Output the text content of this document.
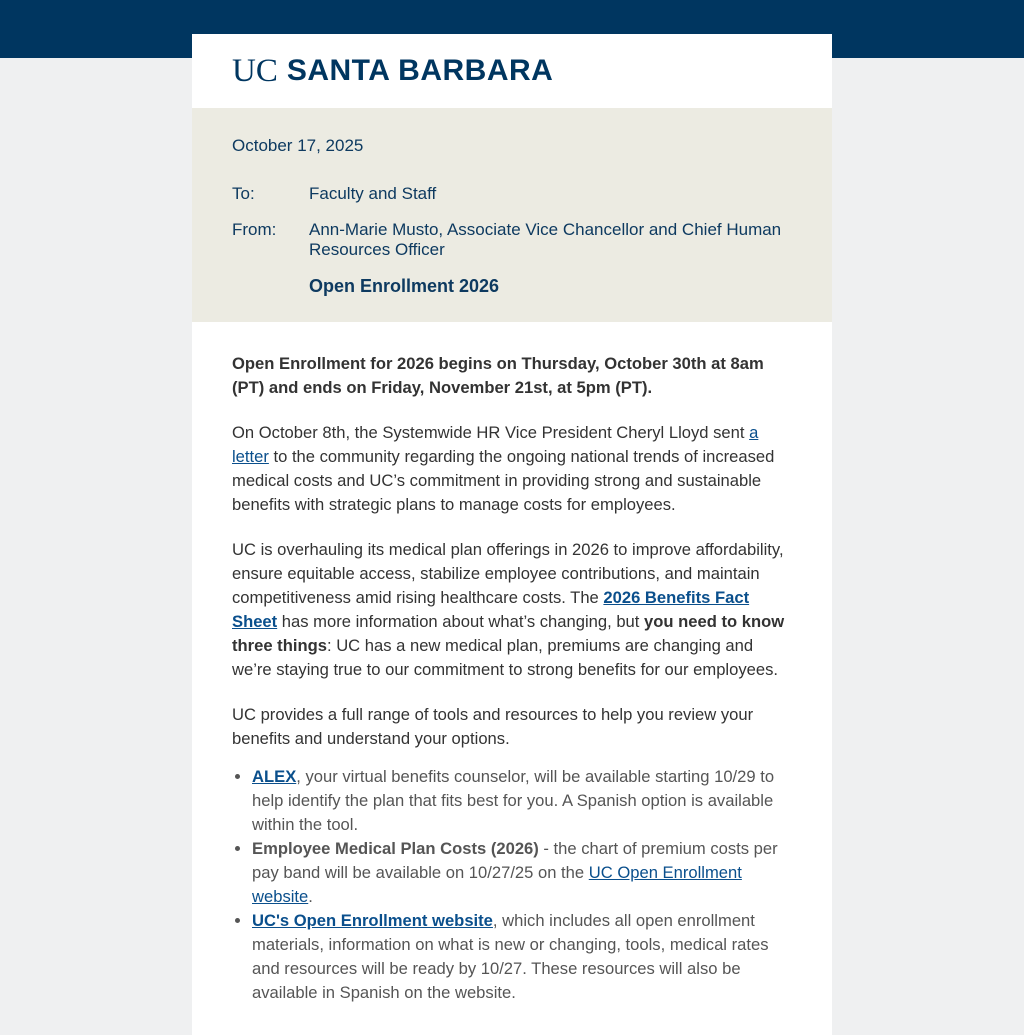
UC SANTA BARBARA
October 17, 2025
To:	Faculty and Staff
From:	Ann-Marie Musto, Associate Vice Chancellor and Chief Human Resources Officer
Open Enrollment 2026

Open Enrollment for 2026 begins on Thursday, October 30th at 8am (PT) and ends on Friday, November 21st, at 5pm (PT).

On October 8th, the Systemwide HR Vice President Cheryl Lloyd sent a letter to the community regarding the ongoing national trends of increased medical costs and UC’s commitment in providing strong and sustainable benefits with strategic plans to manage costs for employees.

UC is overhauling its medical plan offerings in 2026 to improve affordability, ensure equitable access, stabilize employee contributions, and maintain competitiveness amid rising healthcare costs. The 2026 Benefits Fact Sheet has more information about what’s changing, but you need to know three things: UC has a new medical plan, premiums are changing and we’re staying true to our commitment to strong benefits for our employees.

UC provides a full range of tools and resources to help you review your benefits and understand your options.

• ALEX, your virtual benefits counselor, will be available starting 10/29 to help identify the plan that fits best for you. A Spanish option is available within the tool.
• Employee Medical Plan Costs (2026) - the chart of premium costs per pay band will be available on 10/27/25 on the UC Open Enrollment website.
• UC's Open Enrollment website, which includes all open enrollment materials, information on what is new or changing, tools, medical rates and resources will be ready by 10/27. These resources will also be available in Spanish on the website.
